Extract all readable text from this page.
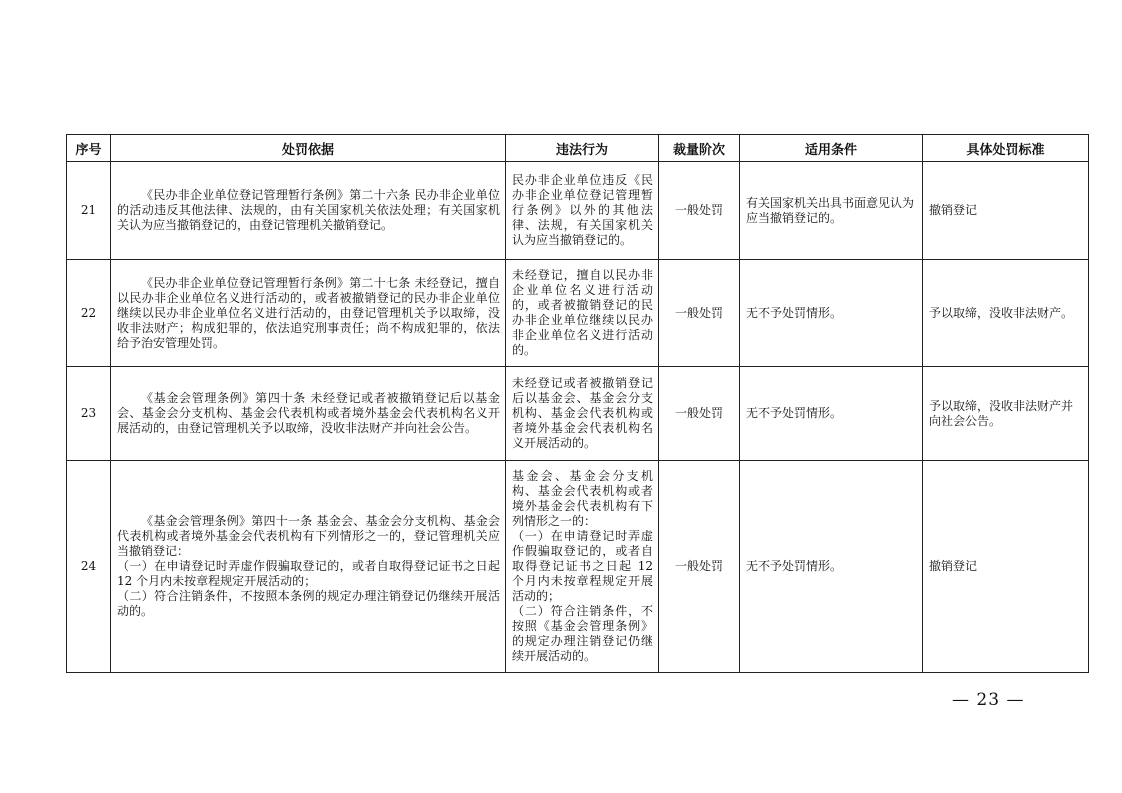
序号	处罚依据	违法行为	裁量阶次	适用条件	具体处罚标准
21	《民办非企业单位登记管理暂行条例》第二十六条 民办非企业单位的活动违反其他法律、法规的，由有关国家机关依法处理；有关国家机关认为应当撤销登记的，由登记管理机关撤销登记。	民办非企业单位违反《民办非企业单位登记管理暂行条例》以外的其他法律、法规，有关国家机关认为应当撤销登记的。	一般处罚	有关国家机关出具书面意见认为应当撤销登记的。	撤销登记
22	《民办非企业单位登记管理暂行条例》第二十七条 未经登记，擅自以民办非企业单位名义进行活动的，或者被撤销登记的民办非企业单位继续以民办非企业单位名义进行活动的，由登记管理机关予以取缔，没收非法财产；构成犯罪的，依法追究刑事责任；尚不构成犯罪的，依法给予治安管理处罚。	未经登记，擅自以民办非企业单位名义进行活动的，或者被撤销登记的民办非企业单位继续以民办非企业单位名义进行活动的。	一般处罚	无不予处罚情形。	予以取缔，没收非法财产。
23	《基金会管理条例》第四十条 未经登记或者被撤销登记后以基金会、基金会分支机构、基金会代表机构或者境外基金会代表机构名义开展活动的，由登记管理机关予以取缔，没收非法财产并向社会公告。	未经登记或者被撤销登记后以基金会、基金会分支机构、基金会代表机构或者境外基金会代表机构名义开展活动的。	一般处罚	无不予处罚情形。	予以取缔，没收非法财产并向社会公告。
24	《基金会管理条例》第四十一条 基金会、基金会分支机构、基金会代表机构或者境外基金会代表机构有下列情形之一的，登记管理机关应当撤销登记：
（一）在申请登记时弄虚作假骗取登记的，或者自取得登记证书之日起 12 个月内未按章程规定开展活动的；
（二）符合注销条件，不按照本条例的规定办理注销登记仍继续开展活动的。	基金会、基金会分支机构、基金会代表机构或者境外基金会代表机构有下列情形之一的：
（一）在申请登记时弄虚作假骗取登记的，或者自取得登记证书之日起 12 个月内未按章程规定开展活动的；
（二）符合注销条件，不按照《基金会管理条例》的规定办理注销登记仍继续开展活动的。	一般处罚	无不予处罚情形。	撤销登记
— 23 —
